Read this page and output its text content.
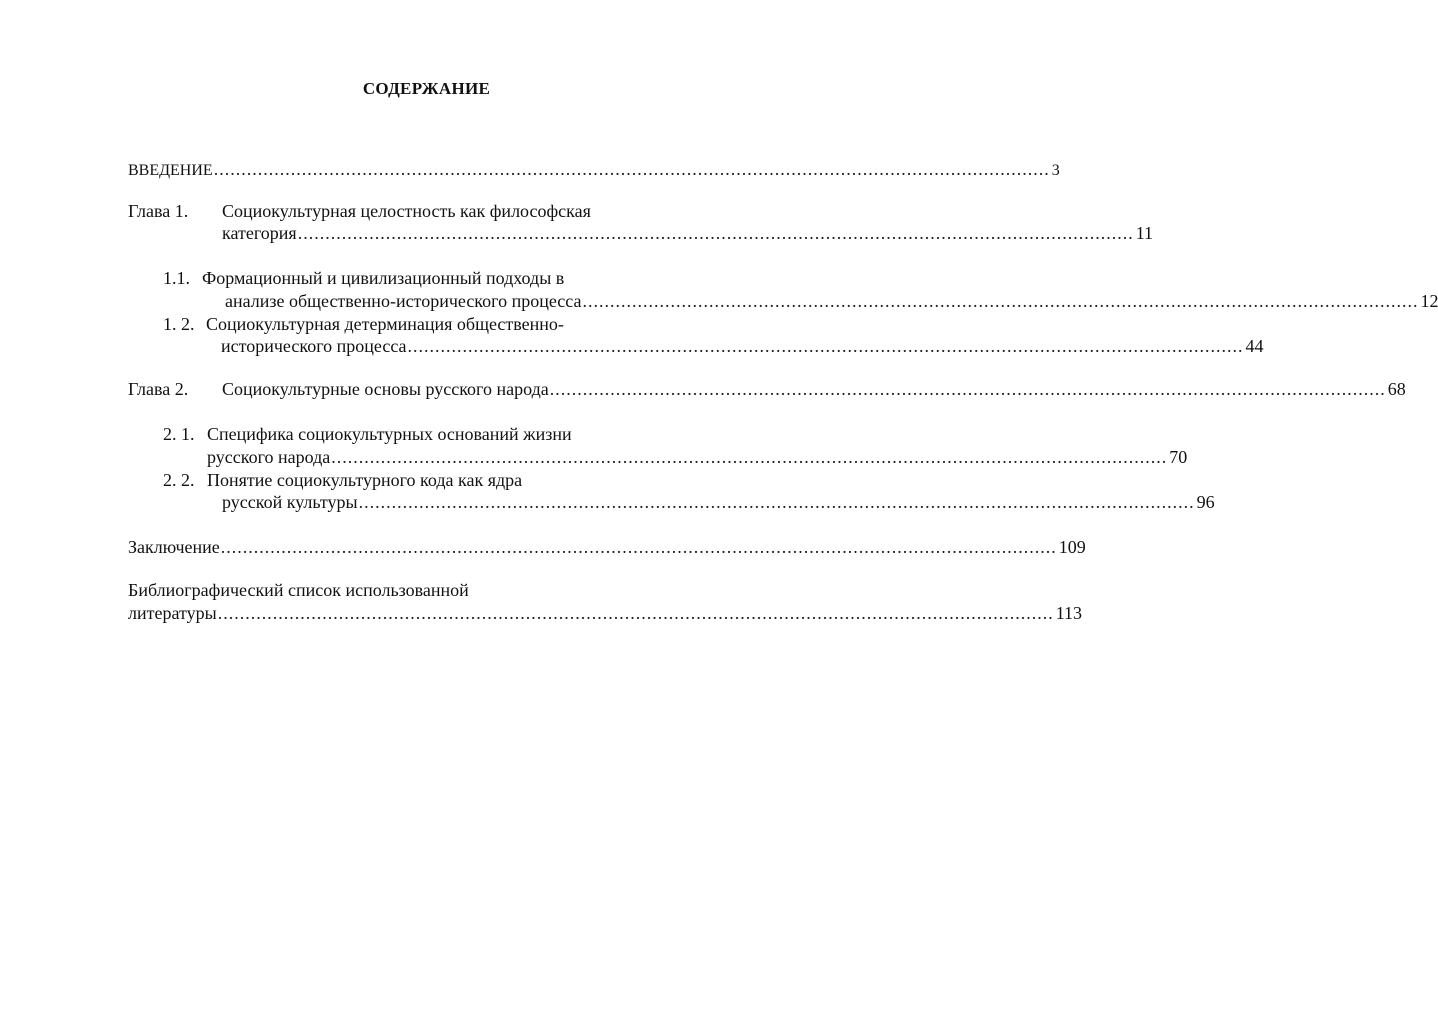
СОДЕРЖАНИЕ
ВВЕДЕНИЕ ........................................................................................................................................................ 3
Глава 1. Социокультурная целостность как философская
категория ........................................................................................................................................................ 11
1.1. Формационный и цивилизационный подходы в
анализе общественно-исторического процесса ........................................................................................................................................................ 12
1. 2. Социокультурная детерминация общественно-
исторического процесса ........................................................................................................................................................ 44
Глава 2. Социокультурные основы русского народа ........................................................................................................................................................ 68
2. 1. Специфика социокультурных оснований жизни
русского народа ........................................................................................................................................................ 70
2. 2. Понятие социокультурного кода как ядра
русской культуры ........................................................................................................................................................ 96
Заключение ........................................................................................................................................................ 109
Библиографический список использованной
литературы ........................................................................................................................................................ 113
